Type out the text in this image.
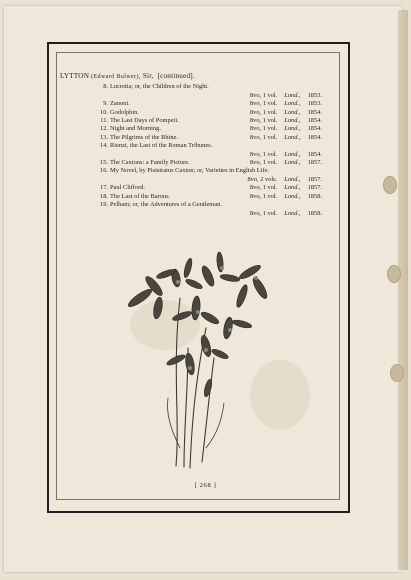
LYTTON (Edward Bulwer), Sir, [continued].
8. Lucretia; or, the Children of the Night.
8vo, 1 vol. Lond., 1853.
9. Zanoni.	8vo, 1 vol. Lond., 1853.
10. Godolphin.	8vo, 1 vol. Lond., 1854.
11. The Last Days of Pompeii.	8vo, 1 vol. Lond., 1854.
12. Night and Morning.	8vo, 1 vol. Lond., 1854.
13. The Pilgrims of the Rhine.	8vo, 1 vol. Lond., 1854.
14. Rienzi, the Last of the Roman Tribunes.
8vo, 1 vol. Lond., 1854.
15. The Caxtons: a Family Picture.	8vo, 1 vol. Lond., 1857.
16. My Novel, by Pisistratus Caxton; or, Varieties in English Life.
8vo, 2 vols. Lond., 1857.
17. Paul Clifford.	8vo, 1 vol. Lond., 1857.
18. The Last of the Barons.	8vo, 1 vol. Lond., 1858.
19. Pelham; or, the Adventures of a Gentleman.
8vo, 1 vol. Lond., 1858.
[ 268 ]
